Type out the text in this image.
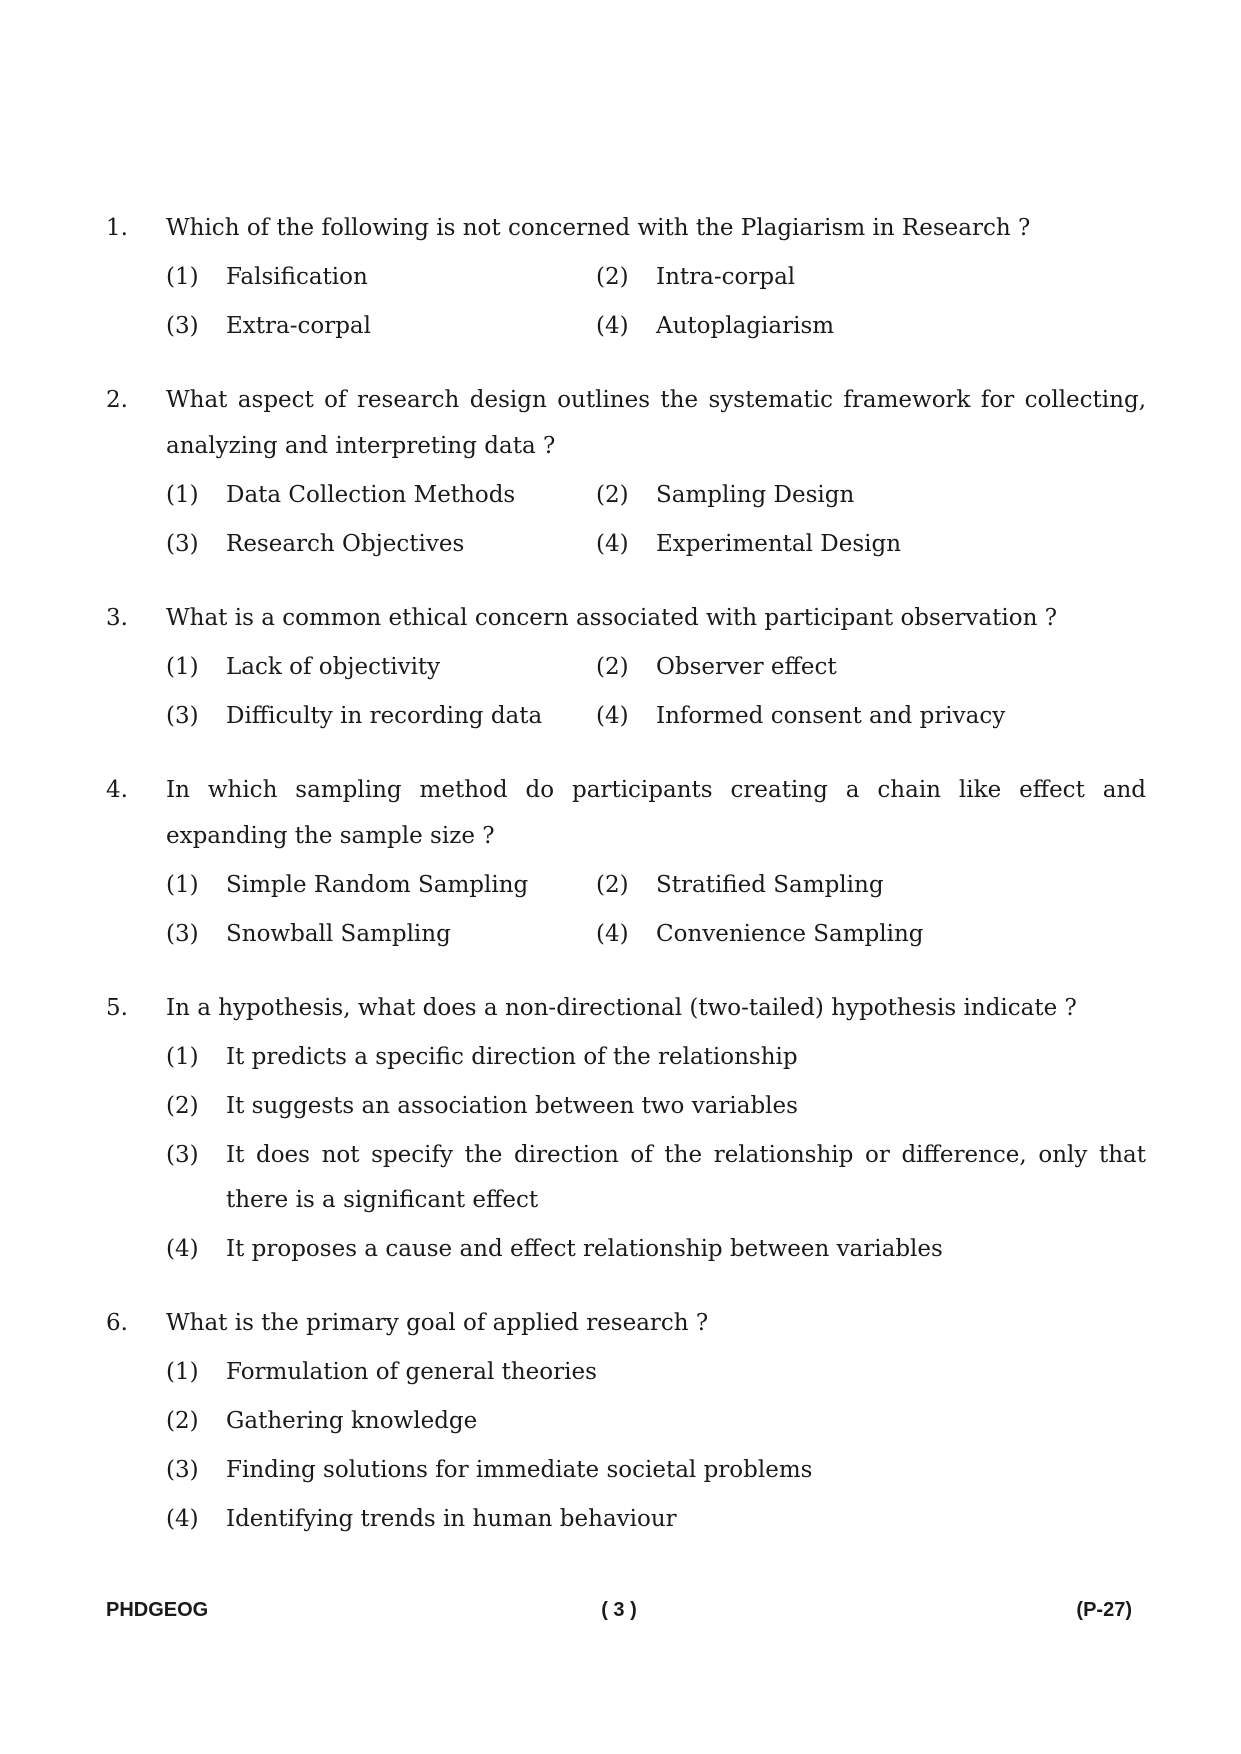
1.	Which of the following is not concerned with the Plagiarism in Research ?
(1)	Falsification	(2)	Intra-corpal
(3)	Extra-corpal	(4)	Autoplagiarism
2.	What aspect of research design outlines the systematic framework for collecting, analyzing and interpreting data ?
(1)	Data Collection Methods	(2)	Sampling Design
(3)	Research Objectives	(4)	Experimental Design
3.	What is a common ethical concern associated with participant observation ?
(1)	Lack of objectivity	(2)	Observer effect
(3)	Difficulty in recording data	(4)	Informed consent and privacy
4.	In which sampling method do participants creating a chain like effect and expanding the sample size ?
(1)	Simple Random Sampling	(2)	Stratified Sampling
(3)	Snowball Sampling	(4)	Convenience Sampling
5.	In a hypothesis, what does a non-directional (two-tailed) hypothesis indicate ?
(1)	It predicts a specific direction of the relationship
(2)	It suggests an association between two variables
(3)	It does not specify the direction of the relationship or difference, only that there is a significant effect
(4)	It proposes a cause and effect relationship between variables
6.	What is the primary goal of applied research ?
(1)	Formulation of general theories
(2)	Gathering knowledge
(3)	Finding solutions for immediate societal problems
(4)	Identifying trends in human behaviour
PHDGEOG	( 3 )	(P-27)
